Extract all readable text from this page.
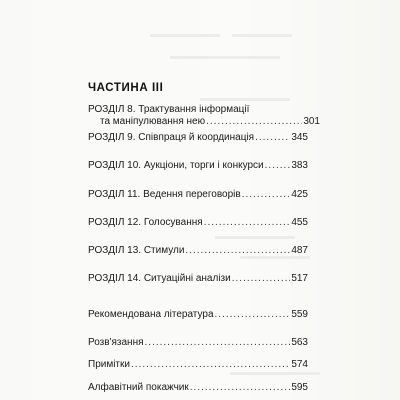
ЧАСТИНА III
РОЗДІЛ 8. Трактування інформації
та маніпулювання нею .....	301
РОЗДІЛ 9. Співпраця й координація .....	345
РОЗДІЛ 10. Аукціони, торги і конкурси .....	383
РОЗДІЛ 11. Ведення переговорів .....	425
РОЗДІЛ 12. Голосування .....	455
РОЗДІЛ 13. Стимули .....	487
РОЗДІЛ 14. Ситуаційні аналізи .....	517
Рекомендована література .....	559
Розв'язання .....	563
Примітки .....	574
Алфавітний покажчик .....	595
